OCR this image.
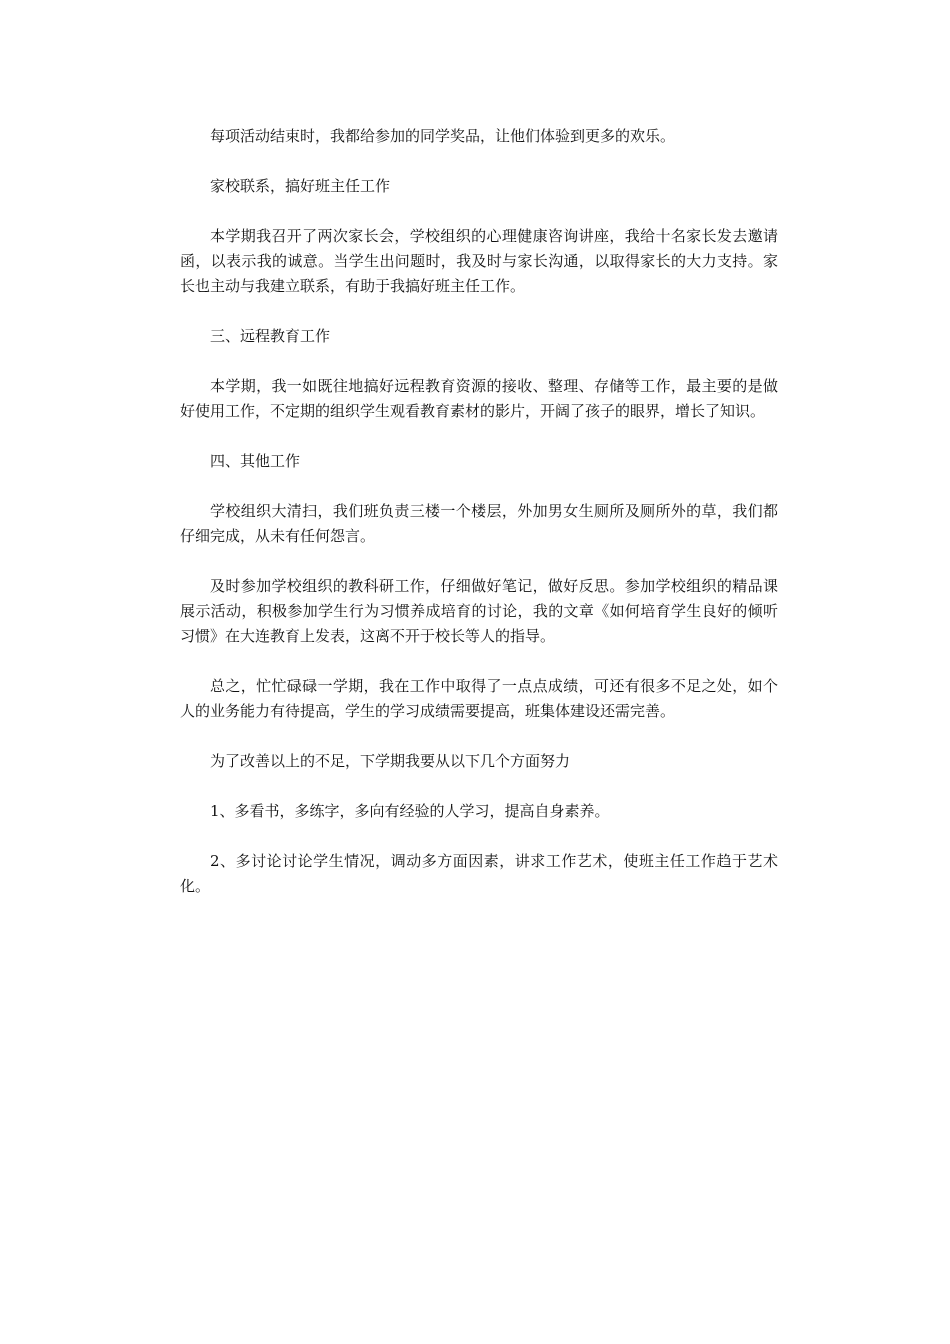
每项活动结束时，我都给参加的同学奖品，让他们体验到更多的欢乐。

家校联系，搞好班主任工作

本学期我召开了两次家长会，学校组织的心理健康咨询讲座，我给十名家长发去邀请函，以表示我的诚意。当学生出问题时，我及时与家长沟通，以取得家长的大力支持。家长也主动与我建立联系，有助于我搞好班主任工作。

三、远程教育工作

本学期，我一如既往地搞好远程教育资源的接收、整理、存储等工作，最主要的是做好使用工作，不定期的组织学生观看教育素材的影片，开阔了孩子的眼界，增长了知识。

四、其他工作

学校组织大清扫，我们班负责三楼一个楼层，外加男女生厕所及厕所外的草，我们都仔细完成，从未有任何怨言。

及时参加学校组织的教科研工作，仔细做好笔记，做好反思。参加学校组织的精品课展示活动，积极参加学生行为习惯养成培育的讨论，我的文章《如何培育学生良好的倾听习惯》在大连教育上发表，这离不开于校长等人的指导。

总之，忙忙碌碌一学期，我在工作中取得了一点点成绩，可还有很多不足之处，如个人的业务能力有待提高，学生的学习成绩需要提高，班集体建设还需完善。

为了改善以上的不足，下学期我要从以下几个方面努力

1、多看书，多练字，多向有经验的人学习，提高自身素养。

2、多讨论讨论学生情况，调动多方面因素，讲求工作艺术，使班主任工作趋于艺术化。
